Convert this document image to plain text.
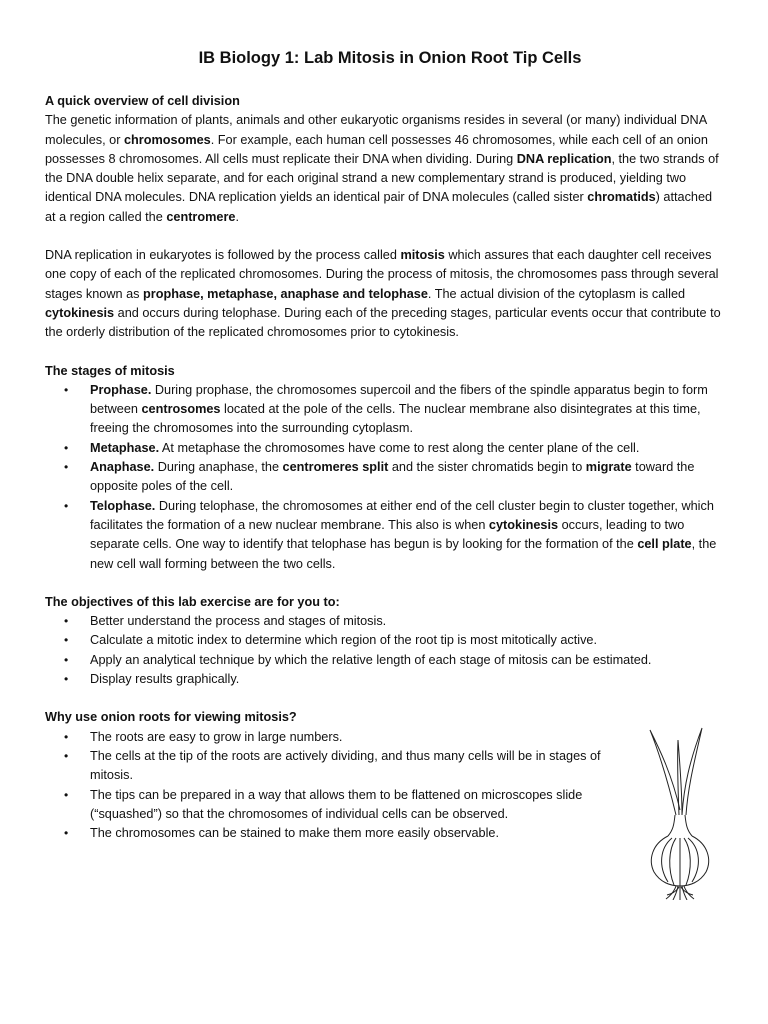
IB Biology 1: Lab Mitosis in Onion Root Tip Cells
A quick overview of cell division

The genetic information of plants, animals and other eukaryotic organisms resides in several (or many) individual DNA molecules, or chromosomes. For example, each human cell possesses 46 chromosomes, while each cell of an onion possesses 8 chromosomes. All cells must replicate their DNA when dividing. During DNA replication, the two strands of the DNA double helix separate, and for each original strand a new complementary strand is produced, yielding two identical DNA molecules. DNA replication yields an identical pair of DNA molecules (called sister chromatids) attached at a region called the centromere.

DNA replication in eukaryotes is followed by the process called mitosis which assures that each daughter cell receives one copy of each of the replicated chromosomes. During the process of mitosis, the chromosomes pass through several stages known as prophase, metaphase, anaphase and telophase. The actual division of the cytoplasm is called cytokinesis and occurs during telophase. During each of the preceding stages, particular events occur that contribute to the orderly distribution of the replicated chromosomes prior to cytokinesis.

The stages of mitosis
• Prophase. During prophase, the chromosomes supercoil and the fibers of the spindle apparatus begin to form between centrosomes located at the pole of the cells. The nuclear membrane also disintegrates at this time, freeing the chromosomes into the surrounding cytoplasm.
• Metaphase. At metaphase the chromosomes have come to rest along the center plane of the cell.
• Anaphase. During anaphase, the centromeres split and the sister chromatids begin to migrate toward the opposite poles of the cell.
• Telophase. During telophase, the chromosomes at either end of the cell cluster begin to cluster together, which facilitates the formation of a new nuclear membrane. This also is when cytokinesis occurs, leading to two separate cells. One way to identify that telophase has begun is by looking for the formation of the cell plate, the new cell wall forming between the two cells.
The objectives of this lab exercise are for you to:
• Better understand the process and stages of mitosis.
• Calculate a mitotic index to determine which region of the root tip is most mitotically active.
• Apply an analytical technique by which the relative length of each stage of mitosis can be estimated.
• Display results graphically.
Why use onion roots for viewing mitosis?
• The roots are easy to grow in large numbers.
• The cells at the tip of the roots are actively dividing, and thus many cells will be in stages of mitosis.
• The tips can be prepared in a way that allows them to be flattened on microscopes slide (“squashed”) so that the chromosomes of individual cells can be observed.
• The chromosomes can be stained to make them more easily observable.
